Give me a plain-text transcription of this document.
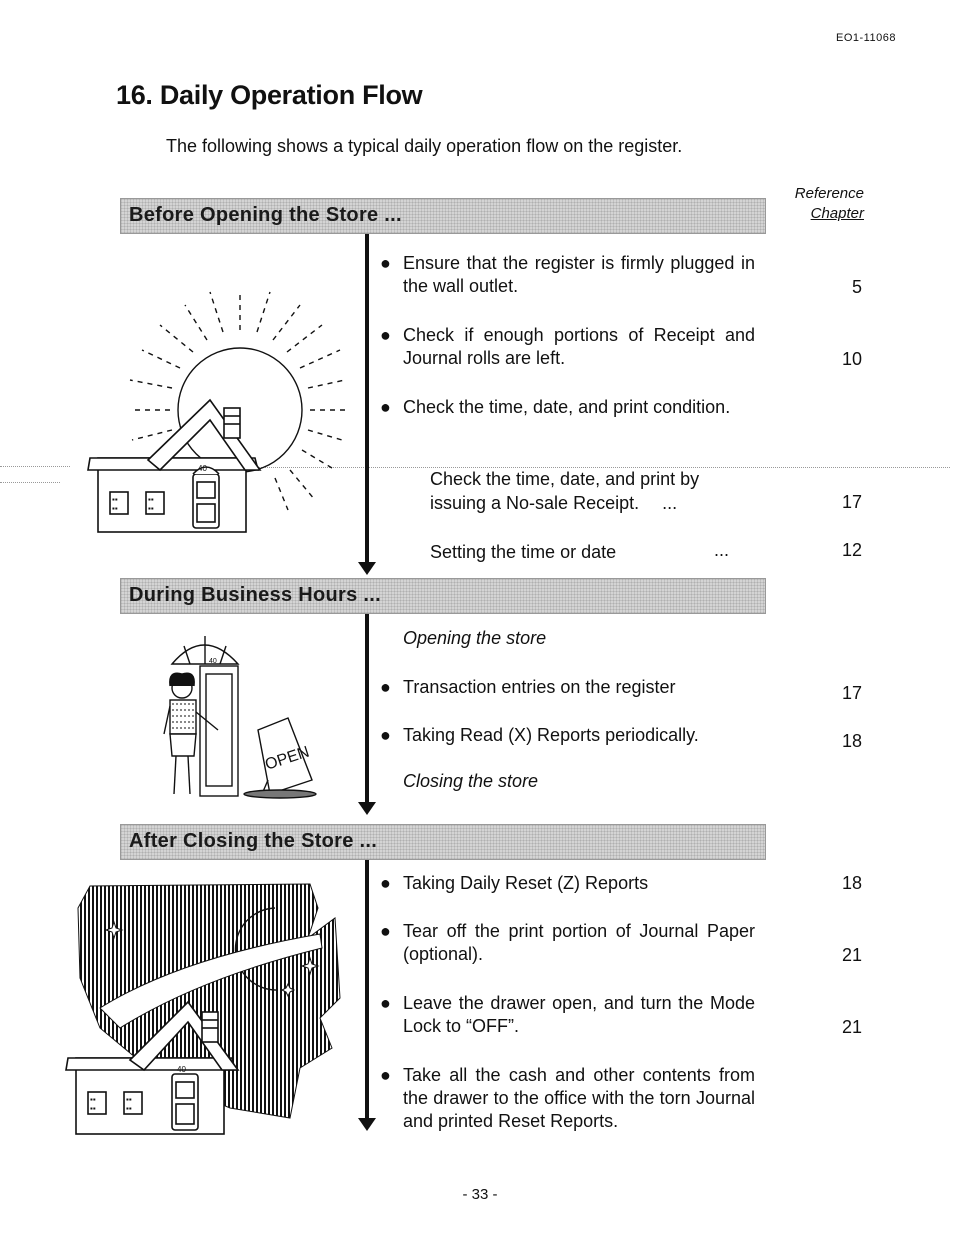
EO1-11068
16. Daily Operation Flow
The following shows a typical daily operation flow on the register.
Reference
Chapter
Before Opening the Store ...
▪▪
▪▪
▪▪
▪▪
40
● Ensure that the register is firmly plugged in the wall outlet.	5
● Check if enough portions of Receipt and Journal rolls are left.	10
● Check the time, date, and print condition.
Check the time, date, and print by issuing a No-sale Receipt. ...	17
Setting the time or date	...	12
During Business Hours ...
OPEN
40
Opening the store
● Transaction entries on the register	17
● Taking Read (X) Reports periodically.	18
Closing the store
After Closing the Store ...
▪▪
▪▪
▪▪
▪▪
40
● Taking Daily Reset (Z) Reports	18
● Tear off the print portion of Journal Paper (optional).	21
● Leave the drawer open, and turn the Mode Lock to “OFF”.	21
● Take all the cash and other contents from the drawer to the office with the torn Journal and printed Reset Reports.
- 33 -
